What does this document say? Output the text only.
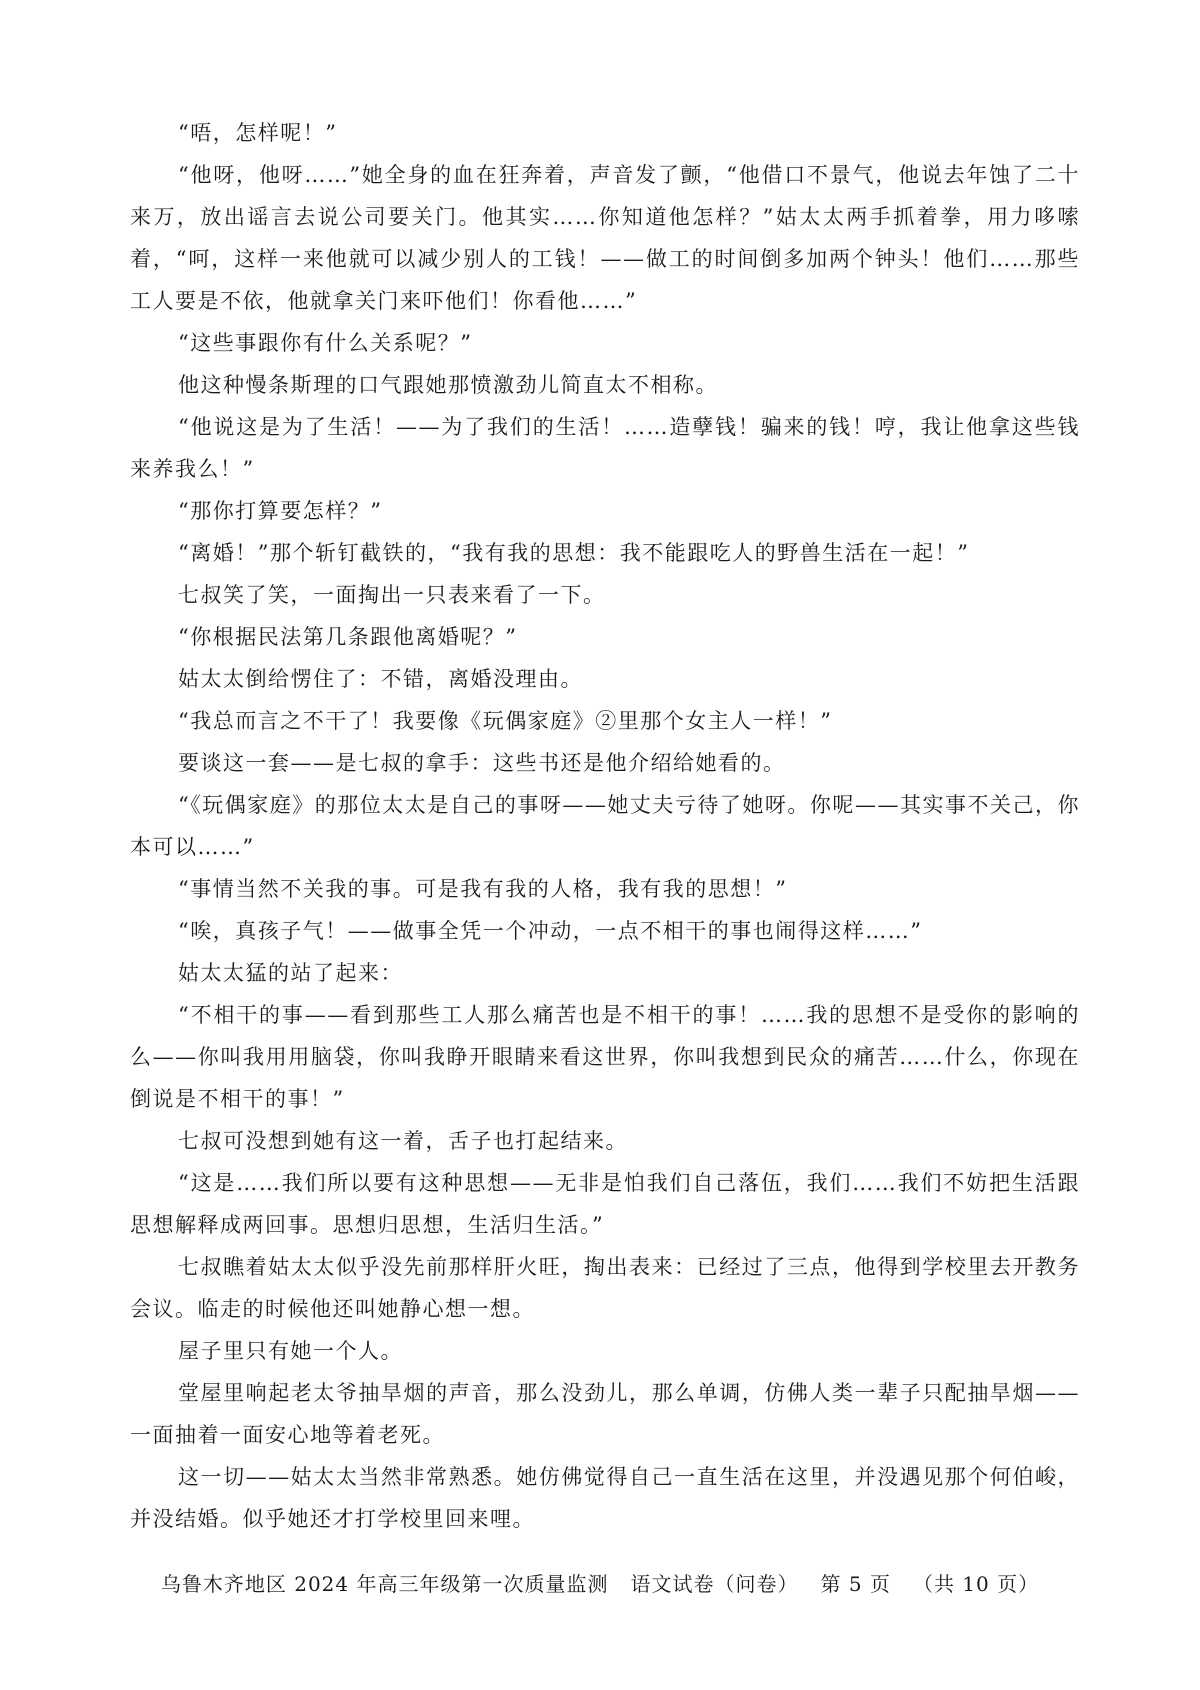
“唔，怎样呢！”

“他呀，他呀……”她全身的血在狂奔着，声音发了颤，“他借口不景气，他说去年蚀了二十来万，放出谣言去说公司要关门。他其实……你知道他怎样？”姑太太两手抓着拳，用力哆嗦着，“呵，这样一来他就可以减少别人的工钱！——做工的时间倒多加两个钟头！他们……那些工人要是不依，他就拿关门来吓他们！你看他……”

“这些事跟你有什么关系呢？”

他这种慢条斯理的口气跟她那愤激劲儿简直太不相称。

“他说这是为了生活！——为了我们的生活！……造孽钱！骗来的钱！哼，我让他拿这些钱来养我么！”

“那你打算要怎样？”

“离婚！”那个斩钉截铁的，“我有我的思想：我不能跟吃人的野兽生活在一起！”

七叔笑了笑，一面掏出一只表来看了一下。

“你根据民法第几条跟他离婚呢？”

姑太太倒给愣住了：不错，离婚没理由。

“我总而言之不干了！我要像《玩偶家庭》②里那个女主人一样！”

要谈这一套——是七叔的拿手：这些书还是他介绍给她看的。

“《玩偶家庭》的那位太太是自己的事呀——她丈夫亏待了她呀。你呢——其实事不关己，你本可以……”

“事情当然不关我的事。可是我有我的人格，我有我的思想！”

“唉，真孩子气！——做事全凭一个冲动，一点不相干的事也闹得这样……”

姑太太猛的站了起来：

“不相干的事——看到那些工人那么痛苦也是不相干的事！……我的思想不是受你的影响的么——你叫我用用脑袋，你叫我睁开眼睛来看这世界，你叫我想到民众的痛苦……什么，你现在倒说是不相干的事！”

七叔可没想到她有这一着，舌子也打起结来。

“这是……我们所以要有这种思想——无非是怕我们自己落伍，我们……我们不妨把生活跟思想解释成两回事。思想归思想，生活归生活。”

七叔瞧着姑太太似乎没先前那样肝火旺，掏出表来：已经过了三点，他得到学校里去开教务会议。临走的时候他还叫她静心想一想。

屋子里只有她一个人。

堂屋里响起老太爷抽旱烟的声音，那么没劲儿，那么单调，仿佛人类一辈子只配抽旱烟——一面抽着一面安心地等着老死。

这一切——姑太太当然非常熟悉。她仿佛觉得自己一直生活在这里，并没遇见那个何伯峻，并没结婚。似乎她还才打学校里回来哩。

乌鲁木齐地区 2024 年高三年级第一次质量监测 语文试卷（问卷） 第 5 页 （共 10 页）
